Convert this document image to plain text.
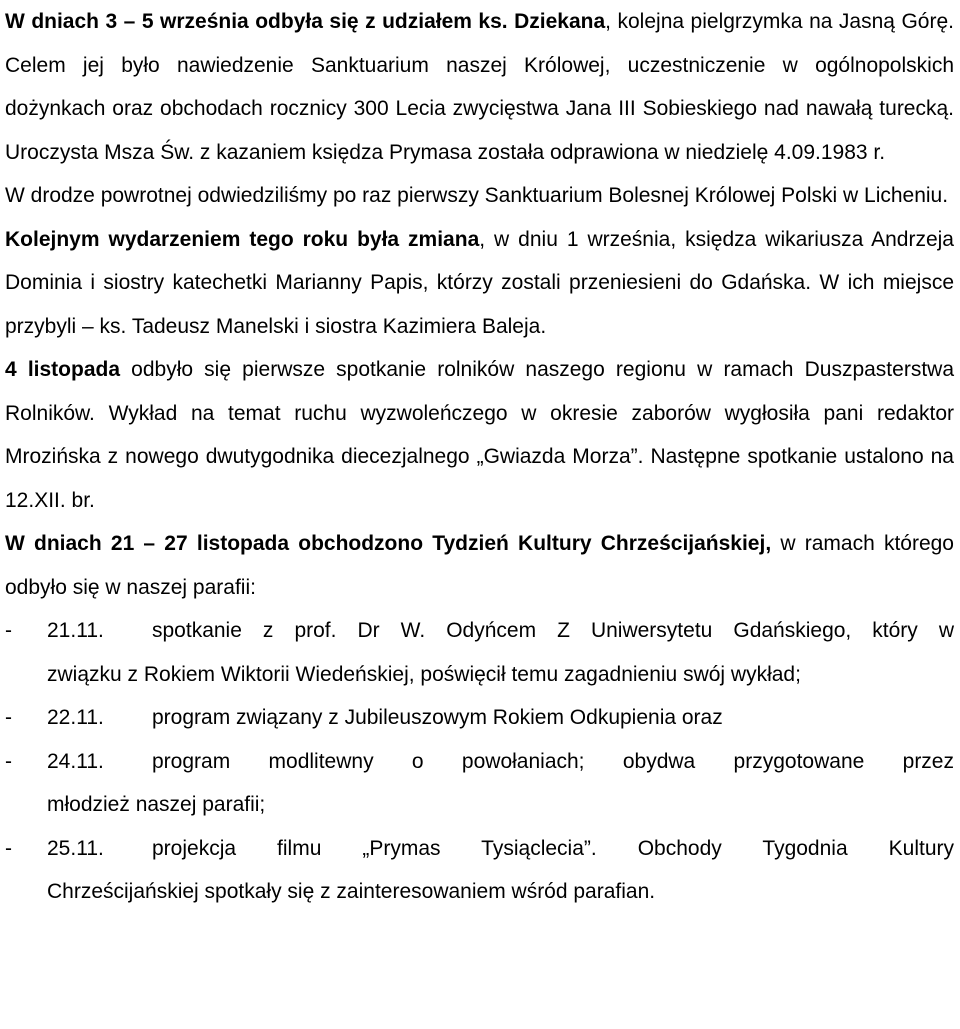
W dniach 3 – 5 września odbyła się z udziałem ks. Dziekana, kolejna pielgrzymka na Jasną Górę. Celem jej było nawiedzenie Sanktuarium naszej Królowej, uczestniczenie w ogólnopolskich dożynkach oraz obchodach rocznicy 300 Lecia zwycięstwa Jana III Sobieskiego nad nawałą turecką. Uroczysta Msza Św. z kazaniem księdza Prymasa została odprawiona w niedzielę 4.09.1983 r.

W drodze powrotnej odwiedziliśmy po raz pierwszy Sanktuarium Bolesnej Królowej Polski w Licheniu.

Kolejnym wydarzeniem tego roku była zmiana, w dniu 1 września, księdza wikariusza Andrzeja Dominia i siostry katechetki Marianny Papis, którzy zostali przeniesieni do Gdańska. W ich miejsce przybyli – ks. Tadeusz Manelski i siostra Kazimiera Baleja.

4 listopada odbyło się pierwsze spotkanie rolników naszego regionu w ramach Duszpasterstwa Rolników. Wykład na temat ruchu wyzwoleńczego w okresie zaborów wygłosiła pani redaktor Mrozińska z nowego dwutygodnika diecezjalnego „Gwiazda Morza”. Następne spotkanie ustalono na 12.XII. br.

W dniach 21 – 27 listopada obchodzono Tydzień Kultury Chrześcijańskiej, w ramach którego odbyło się w naszej parafii:

-	21.11.	spotkanie z prof. Dr W. Odyńcem Z Uniwersytetu Gdańskiego, który w
związku z Rokiem Wiktorii Wiedeńskiej, poświęcił temu zagadnieniu swój wykład;
-	22.11.	program związany z Jubileuszowym Rokiem Odkupienia oraz
-	24.11.	program modlitewny o powołaniach; obydwa przygotowane przez
młodzież naszej parafii;
-	25.11.	projekcja filmu „Prymas Tysiąclecia”. Obchody Tygodnia Kultury
Chrześcijańskiej spotkały się z zainteresowaniem wśród parafian.
